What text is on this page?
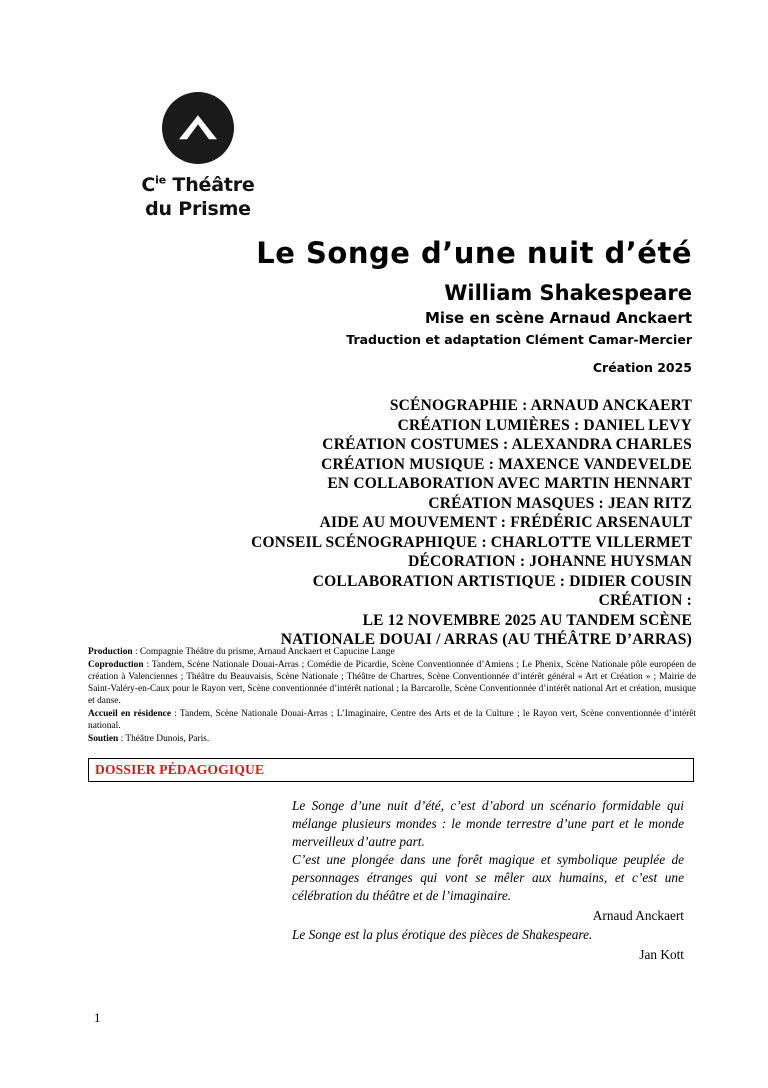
$C^{ie}$ Théâtre
du Prisme
Le Songe d’une nuit d’été
William Shakespeare
Mise en scène Arnaud Anckaert
Traduction et adaptation Clément Camar-Mercier
Création 2025
SCÉNOGRAPHIE : ARNAUD ANCKAERT
CRÉATION LUMIÈRES : DANIEL LEVY
CRÉATION COSTUMES : ALEXANDRA CHARLES
CRÉATION MUSIQUE : MAXENCE VANDEVELDE
EN COLLABORATION AVEC MARTIN HENNART
CRÉATION MASQUES : JEAN RITZ
AIDE AU MOUVEMENT : FRÉDÉRIC ARSENAULT
CONSEIL SCÉNOGRAPHIQUE : CHARLOTTE VILLERMET
DÉCORATION : JOHANNE HUYSMAN
COLLABORATION ARTISTIQUE : DIDIER COUSIN
CRÉATION :
LE 12 NOVEMBRE 2025 AU TANDEM SCÈNE
NATIONALE DOUAI / ARRAS (AU THÉÂTRE D’ARRAS)

Production : Compagnie Théâtre du prisme, Arnaud Anckaert et Capucine Lange

Coproduction : Tandem, Scène Nationale Douai-Arras ; Comédie de Picardie, Scène Conventionnée d’Amiens ; Le Phenix, Scène Nationale pôle européen de création à Valenciennes ; Théâtre du Beauvaisis, Scène Nationale ; Théâtre de Chartres, Scène Conventionnée d’intérêt général « Art et Création » ; Mairie de Saint-Valéry-en-Caux pour le Rayon vert, Scène conventionnée d’intérêt national ; la Barcarolle, Scène Conventionnée d’intérêt national Art et création, musique et danse.

Accueil en résidence : Tandem, Scène Nationale Douai-Arras ; L’Imaginaire, Centre des Arts et de la Culture ; le Rayon vert, Scène conventionnée d’intérêt national.

Soutien : Théâtre Dunois, Paris.

DOSSIER PÉDAGOGIQUE

Le Songe d’une nuit d’été, c’est d’abord un scénario formidable qui mélange plusieurs mondes : le monde terrestre d’une part et le monde merveilleux d’autre part.

C’est une plongée dans une forêt magique et symbolique peuplée de personnages étranges qui vont se mêler aux humains, et c’est une célébration du théâtre et de l’imaginaire.

Arnaud Anckaert

Le Songe est la plus érotique des pièces de Shakespeare.

Jan Kott

1
